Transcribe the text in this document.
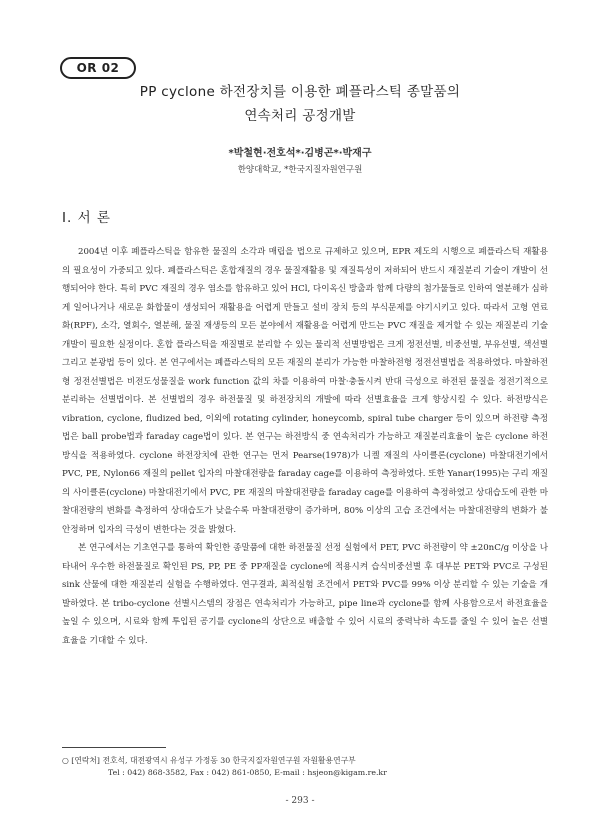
OR 02
PP cyclone 하전장치를 이용한 폐플라스틱 종말품의
연속처리 공정개발
*박철현·전호석*·김병곤*·박재구
한양대학교, *한국지질자원연구원
Ⅰ. 서 론

2004년 이후 폐플라스틱을 함유한 물질의 소각과 매립을 법으로 규제하고 있으며, EPR 제도의 시행으로 폐플라스틱 재활용의 필요성이 가중되고 있다. 폐플라스틱은 혼합재질의 경우 물질재활용 및 재질특성이 저하되어 반드시 재질분리 기술이 개발이 선행되어야 한다. 특히 PVC 재질의 경우 염소를 함유하고 있어 HCl, 다이옥신 방출과 함께 다량의 첨가물들로 인하여 열분해가 심하게 일어나거나 새로운 화합물이 생성되어 재활용을 어렵게 만들고 설비 장치 등의 부식문제를 야기시키고 있다. 따라서 고형 연료화(RPF), 소각, 열회수, 열분해, 물질 재생등의 모든 분야에서 재활용을 어렵게 만드는 PVC 재질을 제거할 수 있는 재질분리 기술 개발이 필요한 실정이다. 혼합 플라스틱을 재질별로 분리할 수 있는 물리적 선별방법은 크게 정전선별, 비중선별, 부유선별, 색선별 그리고 분광법 등이 있다. 본 연구에서는 폐플라스틱의 모든 재질의 분리가 가능한 마찰하전형 정전선별법을 적용하였다. 마찰하전형 정전선별법은 비전도성물질을 work function 값의 차를 이용하여 마찰·충돌시켜 반대 극성으로 하전된 물질을 정전기적으로 분리하는 선별법이다. 본 선별법의 경우 하전물질 및 하전장치의 개발에 따라 선별효율을 크게 향상시킬 수 있다. 하전방식은 vibration, cyclone, fludized bed, 이외에 rotating cylinder, honeycomb, spiral tube charger 등이 있으며 하전량 측정법은 ball probe법과 faraday cage법이 있다. 본 연구는 하전방식 중 연속처리가 가능하고 재질분리효율이 높은 cyclone 하전방식을 적용하였다. cyclone 하전장치에 관한 연구는 먼저 Pearse(1978)가 니켈 재질의 사이클론(cyclone) 마찰대전기에서 PVC, PE, Nylon66 재질의 pellet 입자의 마찰대전량을 faraday cage를 이용하여 측정하였다. 또한 Yanar(1995)는 구리 재질의 사이클론(cyclone) 마찰대전기에서 PVC, PE 재질의 마찰대전량을 faraday cage를 이용하여 측정하였고 상대습도에 관한 마찰대전량의 변화를 측정하여 상대습도가 낮을수록 마찰대전량이 증가하며, 80% 이상의 고습 조건에서는 마찰대전량의 변화가 불안정하며 입자의 극성이 변한다는 것을 밝혔다.

본 연구에서는 기초연구를 통하여 확인한 종말품에 대한 하전물질 선정 실험에서 PET, PVC 하전량이 약 ±20nC/g 이상을 나타내어 우수한 하전물질로 확인된 PS, PP, PE 중 PP재질을 cyclone에 적용시켜 습식비중선별 후 대부분 PET와 PVC로 구성된 sink 산물에 대한 재질분리 실험을 수행하였다. 연구결과, 최적실험 조건에서 PET와 PVC를 99% 이상 분리할 수 있는 기술을 개발하였다. 본 tribo-cyclone 선별시스템의 장점은 연속처리가 가능하고, pipe line과 cyclone를 함께 사용함으로서 하전효율을 높일 수 있으며, 시료와 함께 투입된 공기를 cyclone의 상단으로 배출할 수 있어 시료의 중력낙하 속도를 줄일 수 있어 높은 선별효율을 기대할 수 있다.

○ [연락처] 전호석, 대전광역시 유성구 가정동 30 한국지질자원연구원 자원활용연구부
Tel : 042) 868-3582, Fax : 042) 861-0850, E-mail : hsjeon@kigam.re.kr
- 293 -
